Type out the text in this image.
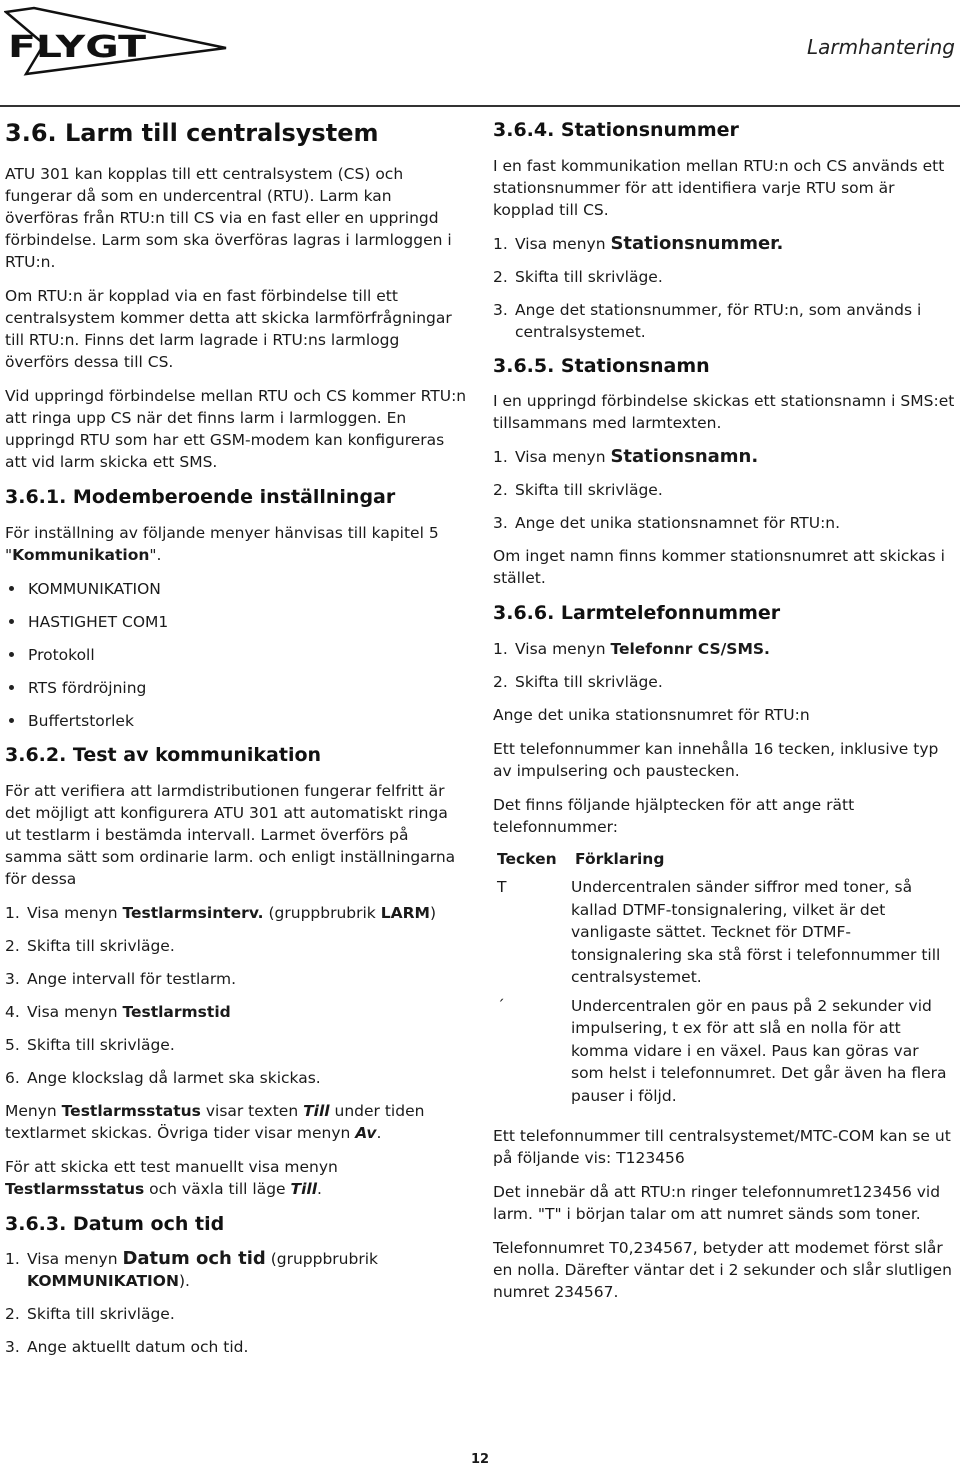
FLYGT	Larmhantering
3.6. Larm till centralsystem

ATU 301 kan kopplas till ett centralsystem (CS) och fungerar då som en undercentral (RTU). Larm kan överföras från RTU:n till CS via en fast eller en uppringd förbindelse. Larm som ska överföras lagras i larmloggen i RTU:n.

Om RTU:n är kopplad via en fast förbindelse till ett centralsystem kommer detta att skicka larmförfrågningar till RTU:n. Finns det larm lagrade i RTU:ns larmlogg överförs dessa till CS.

Vid uppringd förbindelse mellan RTU och CS kommer RTU:n att ringa upp CS när det finns larm i larmloggen. En uppringd RTU som har ett GSM-modem kan konfigureras att vid larm skicka ett SMS.

3.6.1. Modemberoende inställningar

För inställning av följande menyer hänvisas till kapitel 5 "Kommunikation".

KOMMUNIKATION
HASTIGHET COM1
Protokoll
RTS fördröjning
Buffertstorlek
3.6.2. Test av kommunikation

För att verifiera att larmdistributionen fungerar felfritt är det möjligt att konfigurera ATU 301 att automatiskt ringa ut testlarm i bestämda intervall. Larmet överförs på samma sätt som ordinarie larm. och enligt inställningarna för dessa

1. Visa menyn Testlarmsinterv. (gruppbrubrik LARM)
2. Skifta till skrivläge.
3. Ange intervall för testlarm.
4. Visa menyn Testlarmstid
5. Skifta till skrivläge.
6. Ange klockslag då larmet ska skickas.

Menyn Testlarmsstatus visar texten Till under tiden textlarmet skickas. Övriga tider visar menyn Av.

För att skicka ett test manuellt visa menyn Testlarmsstatus och växla till läge Till.

3.6.3. Datum och tid
1. Visa menyn Datum och tid (gruppbrubrik KOMMUNIKATION).
2. Skifta till skrivläge.
3. Ange aktuellt datum och tid.
3.6.4. Stationsnummer

I en fast kommunikation mellan RTU:n och CS används ett stationsnummer för att identifiera varje RTU som är kopplad till CS.

1. Visa menyn Stationsnummer.
2. Skifta till skrivläge.
3. Ange det stationsnummer, för RTU:n, som används i centralsystemet.
3.6.5. Stationsnamn

I en uppringd förbindelse skickas ett stationsnamn i SMS:et tillsammans med larmtexten.

1. Visa menyn Stationsnamn.
2. Skifta till skrivläge.
3. Ange det unika stationsnamnet för RTU:n.

Om inget namn finns kommer stationsnumret att skickas i stället.

3.6.6. Larmtelefonnummer
1. Visa menyn Telefonnr CS/SMS.
2. Skifta till skrivläge.

Ange det unika stationsnumret för RTU:n

Ett telefonnummer kan innehålla 16 tecken, inklusive typ av impulsering och paustecken.

Det finns följande hjälptecken för att ange rätt telefonnummer:

Tecken	Förklaring
T	Undercentralen sänder siffror med toner, så kallad DTMF-tonsignalering, vilket är det vanligaste sättet. Tecknet för DTMF-tonsignalering ska stå först i telefonnummer till centralsystemet.
´	Undercentralen gör en paus på 2 sekunder vid impulsering, t ex för att slå en nolla för att komma vidare i en växel. Paus kan göras var som helst i telefonnumret. Det går även ha flera pauser i följd.

Ett telefonnummer till centralsystemet/MTC-COM kan se ut på följande vis: T123456

Det innebär då att RTU:n ringer telefonnumret123456 vid larm. "T" i början talar om att numret sänds som toner.

Telefonnumret T0,234567, betyder att modemet först slår en nolla. Därefter väntar det i 2 sekunder och slår slutligen numret 234567.

12
